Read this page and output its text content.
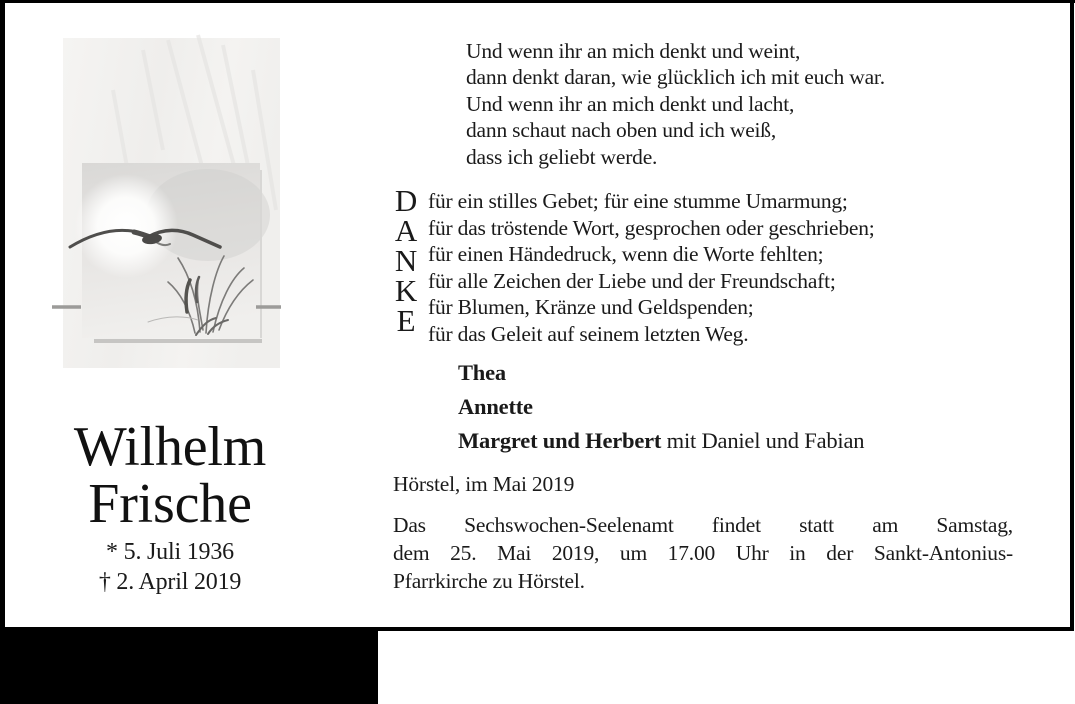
Wilhelm
Frische
* 5. Juli 1936
† 2. April 2019
Und wenn ihr an mich denkt und weint,
dann denkt daran, wie glücklich ich mit euch war.
Und wenn ihr an mich denkt und lacht,
dann schaut nach oben und ich weiß,
dass ich geliebt werde.
D
A
N
K
E
für ein stilles Gebet; für eine stumme Umarmung;
für das tröstende Wort, gesprochen oder geschrieben;
für einen Händedruck, wenn die Worte fehlten;
für alle Zeichen der Liebe und der Freundschaft;
für Blumen, Kränze und Geldspenden;
für das Geleit auf seinem letzten Weg.
Thea
Annette
Margret und Herbert mit Daniel und Fabian
Hörstel, im Mai 2019
Das Sechswochen-Seelenamt findet statt am Samstag,
dem 25. Mai 2019, um 17.00 Uhr in der Sankt-Antonius-
Pfarrkirche zu Hörstel.
